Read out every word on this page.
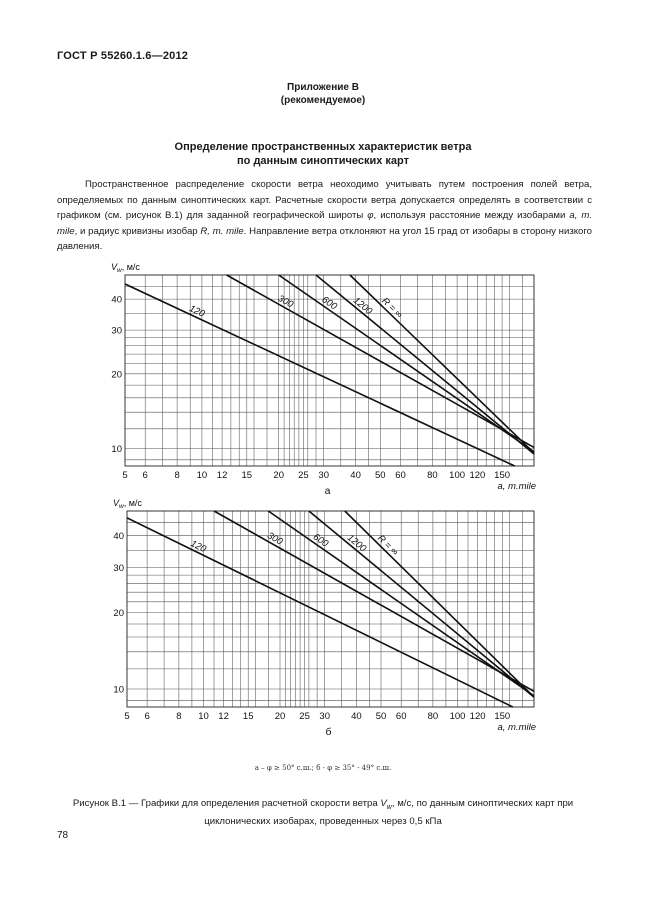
ГОСТ Р 55260.1.6—2012
Приложение В
(рекомендуемое)
Определение пространственных характеристик ветра
по данным синоптических карт

Пространственное распределение скорости ветра неоходимо учитывать путем построения полей ветра, определяемых по данным синоптических карт. Расчетные скорости ветра допускается определять в соответствии с графиком (см. рисунок В.1) для заданной географической широты φ, используя расстояние между изобарами a, m. mile, и радиус кривизны изобар R, m. mile. Направление ветра отклоняют на угол 15 град от изобары в сторону низкого давления.

R = ∞
1200
600
300
120
5 6	8 10 12 15 20 25 30 40 50 60 80 100 120 150
10
20
30
40
$V_w$, м/с
a, m.mile
а
R = ∞
1200
600
300
120
5 6	8 10 12 15 20 25 30 40 50 60 80 100 120 150
10
20
30
40
$V_w$, м/с
a, m.mile
б
a – φ ≥ 50° с.ш.; б - φ ≥ 35° - 49° с.ш.
Рисунок В.1 — Графики для определения расчетной скорости ветра $V_w$, м/с, по данным синоптических карт при циклонических изобарах, проведенных через 0,5 кПа
78
